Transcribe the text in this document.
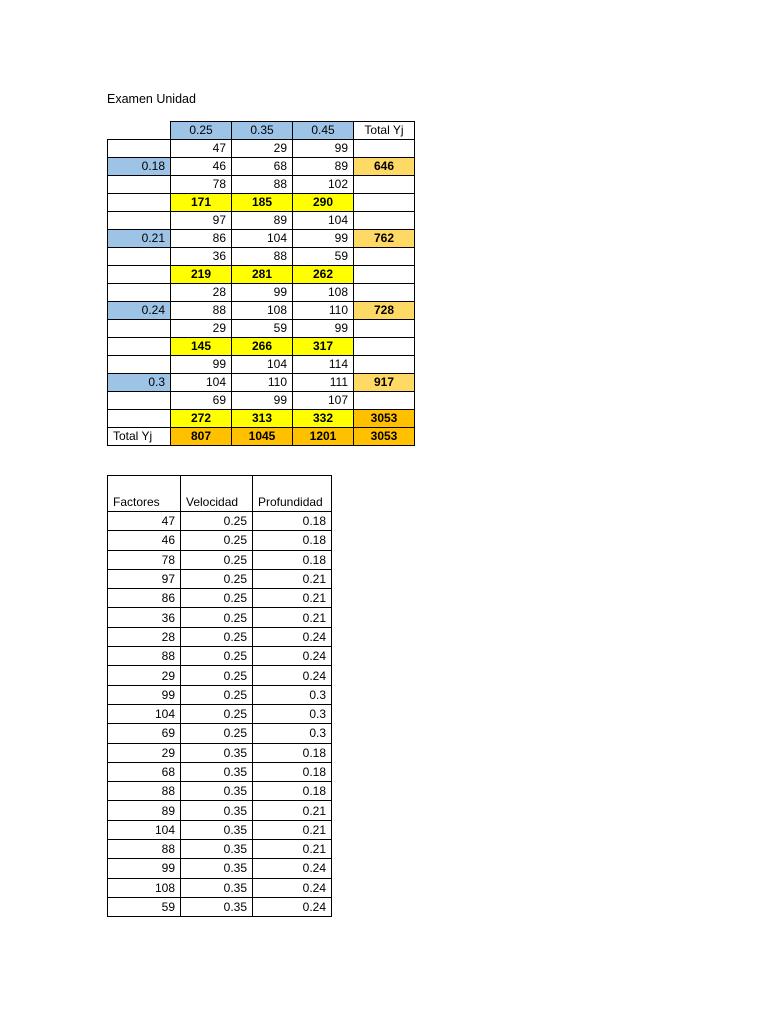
Examen Unidad
	0.25	0.35	0.45	Total Yj
	47	29	99	
0.18	46	68	89	646
	78	88	102	
	171	185	290	
	97	89	104	
0.21	86	104	99	762
	36	88	59	
	219	281	262	
	28	99	108	
0.24	88	108	110	728
	29	59	99	
	145	266	317	
	99	104	114	
0.3	104	110	111	917
	69	99	107	
	272	313	332	3053
Total Yj	807	1045	1201	3053
Factores	Velocidad	Profundidad
47	0.25	0.18
46	0.25	0.18
78	0.25	0.18
97	0.25	0.21
86	0.25	0.21
36	0.25	0.21
28	0.25	0.24
88	0.25	0.24
29	0.25	0.24
99	0.25	0.3
104	0.25	0.3
69	0.25	0.3
29	0.35	0.18
68	0.35	0.18
88	0.35	0.18
89	0.35	0.21
104	0.35	0.21
88	0.35	0.21
99	0.35	0.24
108	0.35	0.24
59	0.35	0.24
